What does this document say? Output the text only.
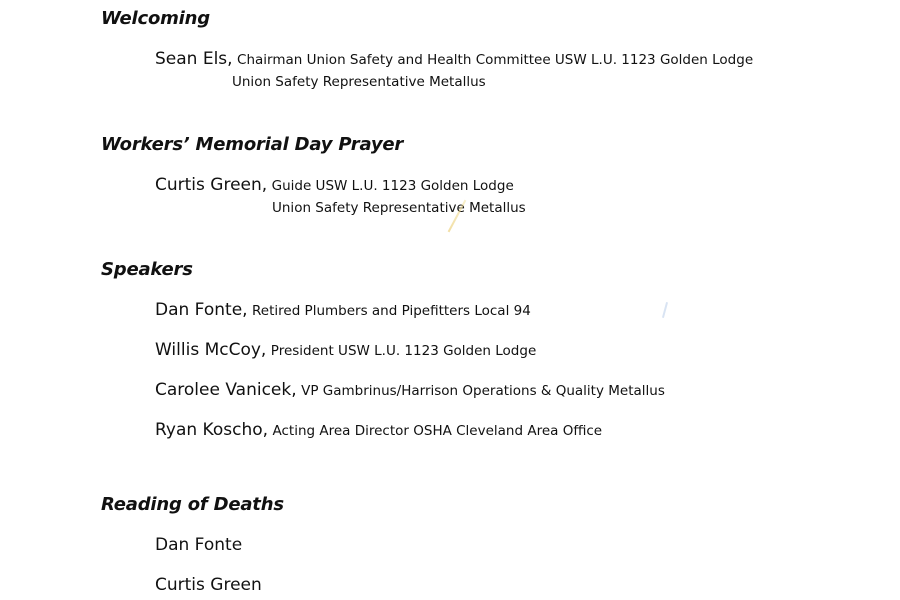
Welcoming
Sean Els, Chairman Union Safety and Health Committee USW L.U. 1123 Golden Lodge
Union Safety Representative Metallus
Workers’ Memorial Day Prayer
Curtis Green, Guide USW L.U. 1123 Golden Lodge
Union Safety Representative Metallus
Speakers
Dan Fonte, Retired Plumbers and Pipefitters Local 94
Willis McCoy, President USW L.U. 1123 Golden Lodge
Carolee Vanicek, VP Gambrinus/Harrison Operations & Quality Metallus
Ryan Koscho, Acting Area Director OSHA Cleveland Area Office
Reading of Deaths
Dan Fonte
Curtis Green
